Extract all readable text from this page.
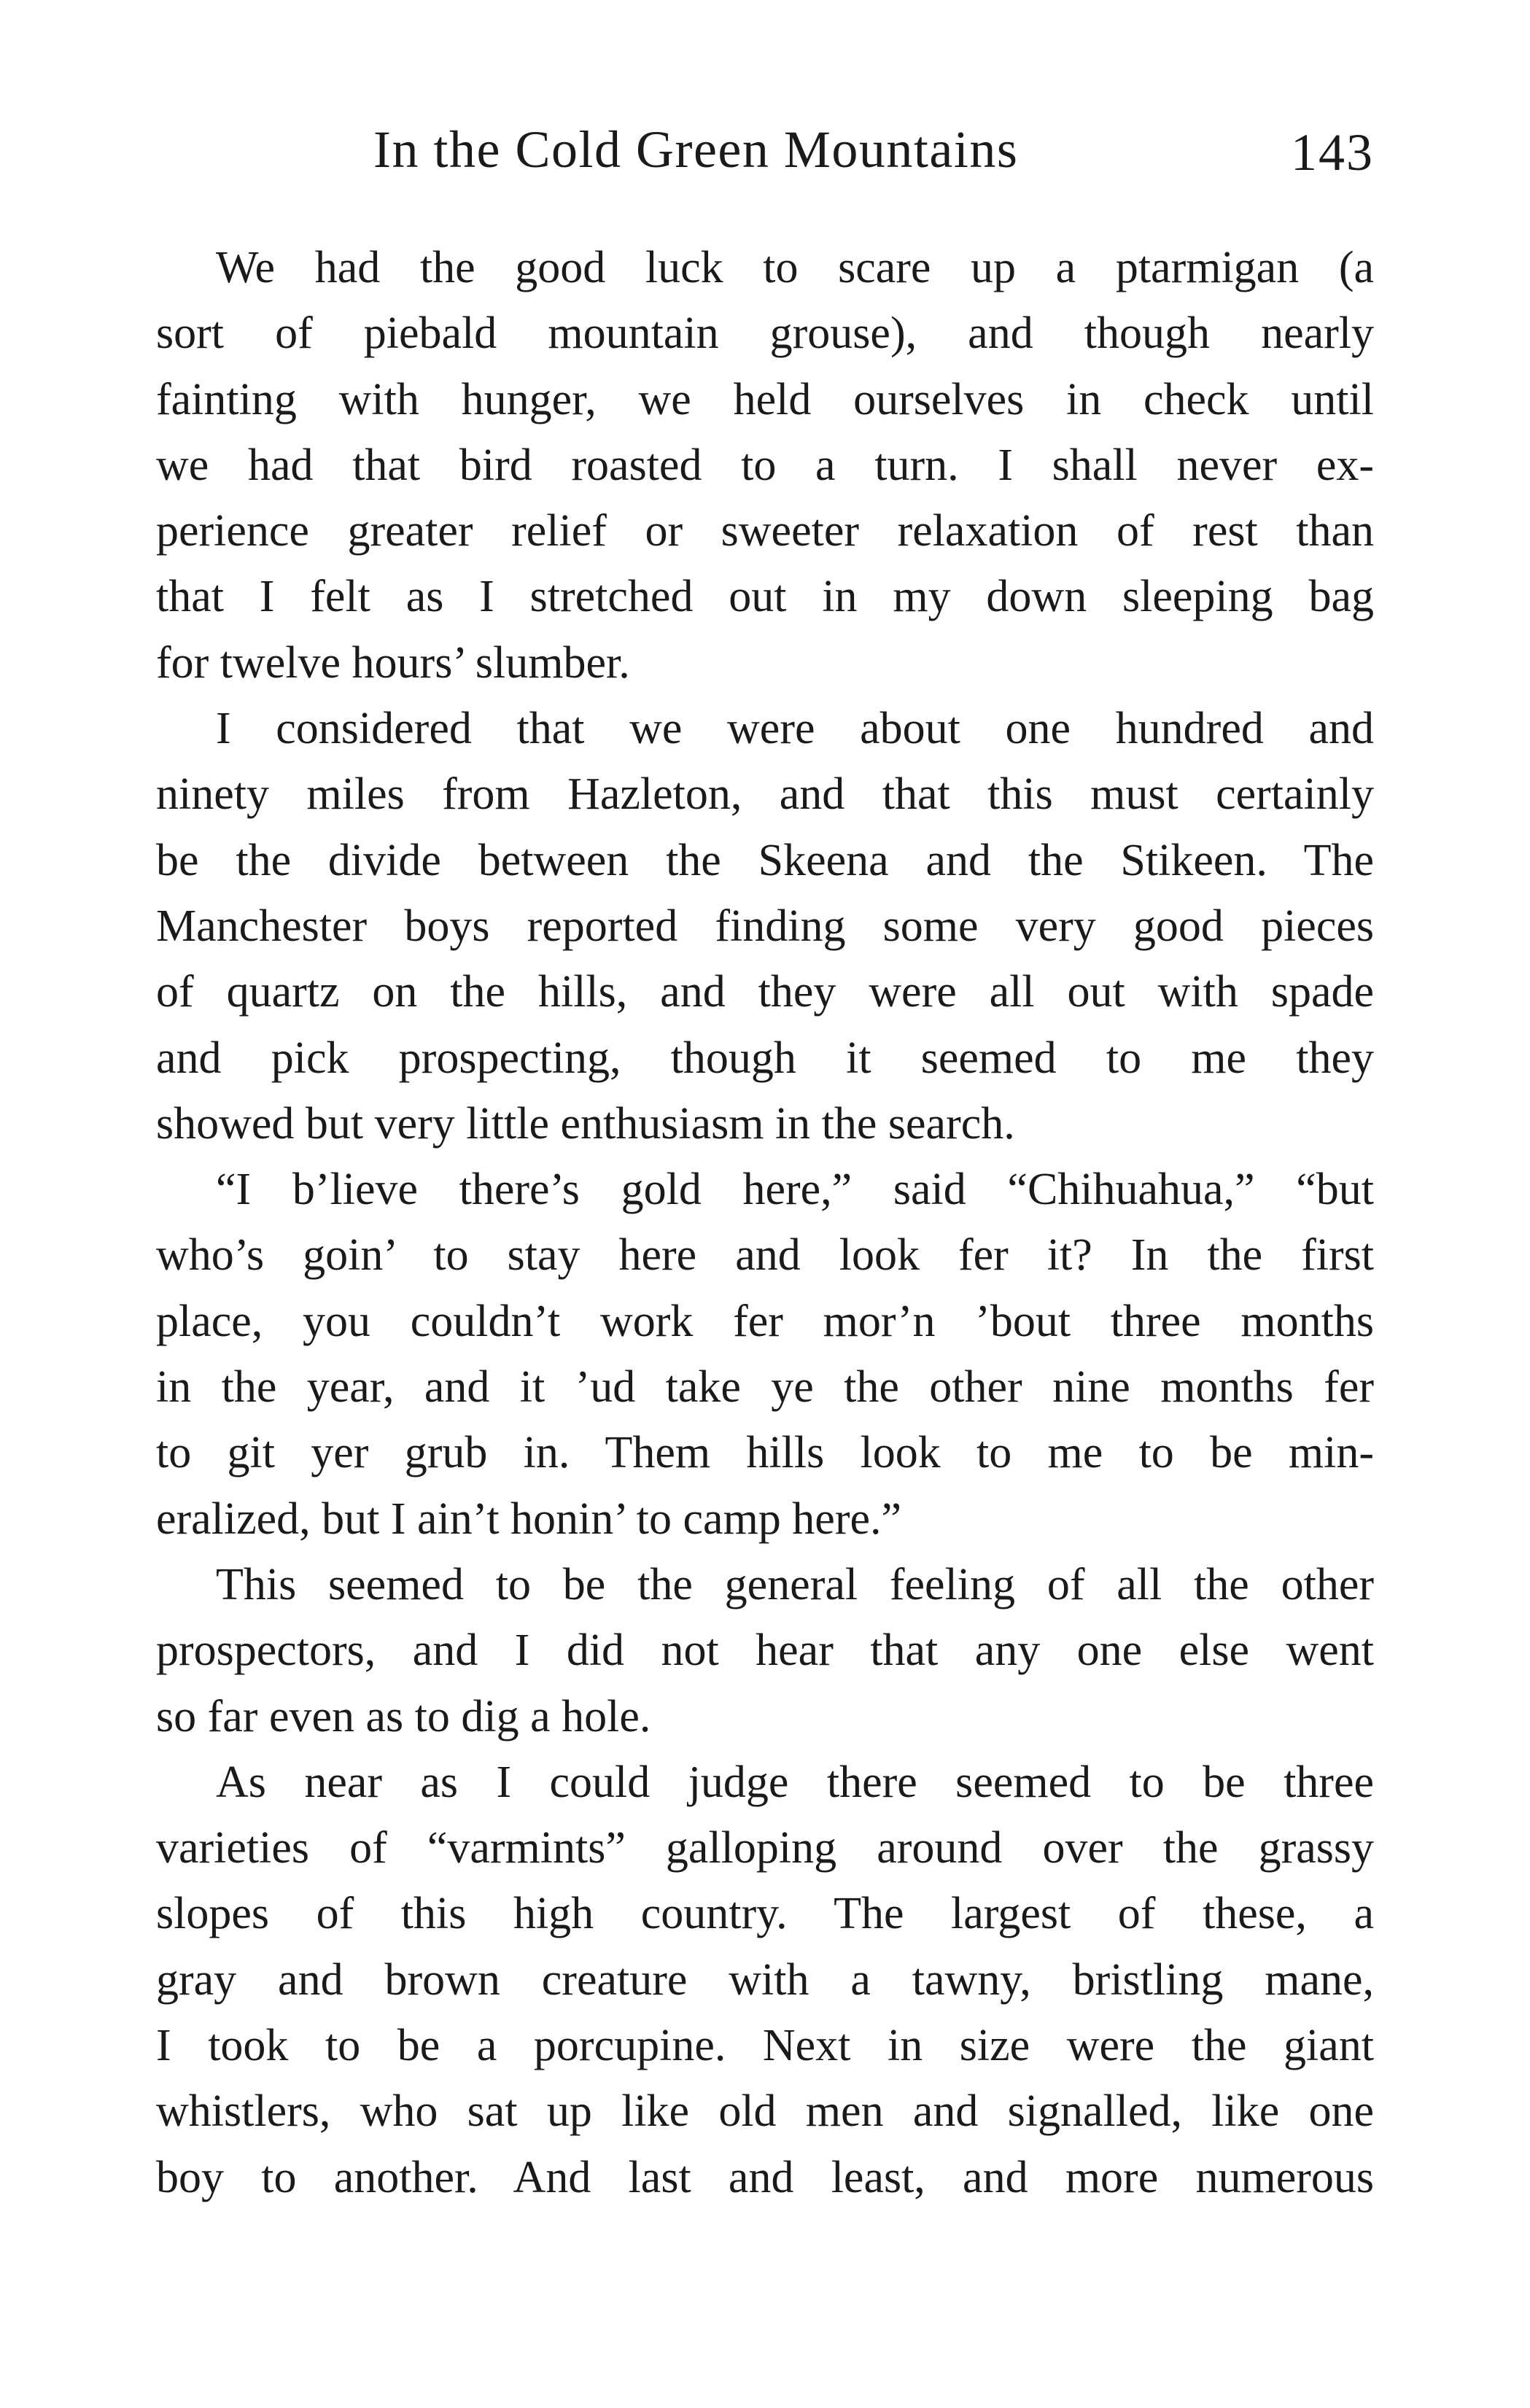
In the Cold Green Mountains	143
We had the good luck to scare up a ptarmigan (a
sort of piebald mountain grouse), and though nearly
fainting with hunger, we held ourselves in check until
we had that bird roasted to a turn. I shall never ex-
perience greater relief or sweeter relaxation of rest than
that I felt as I stretched out in my down sleeping bag
for twelve hours’ slumber.
I considered that we were about one hundred and
ninety miles from Hazleton, and that this must certainly
be the divide between the Skeena and the Stikeen. The
Manchester boys reported finding some very good pieces
of quartz on the hills, and they were all out with spade
and pick prospecting, though it seemed to me they
showed but very little enthusiasm in the search.
“I b’lieve there’s gold here,” said “Chihuahua,” “but
who’s goin’ to stay here and look fer it? In the first
place, you couldn’t work fer mor’n ’bout three months
in the year, and it ’ud take ye the other nine months fer
to git yer grub in. Them hills look to me to be min-
eralized, but I ain’t honin’ to camp here.”
This seemed to be the general feeling of all the other
prospectors, and I did not hear that any one else went
so far even as to dig a hole.
As near as I could judge there seemed to be three
varieties of “varmints” galloping around over the grassy
slopes of this high country. The largest of these, a
gray and brown creature with a tawny, bristling mane,
I took to be a porcupine. Next in size were the giant
whistlers, who sat up like old men and signalled, like one
boy to another. And last and least, and more numerous
